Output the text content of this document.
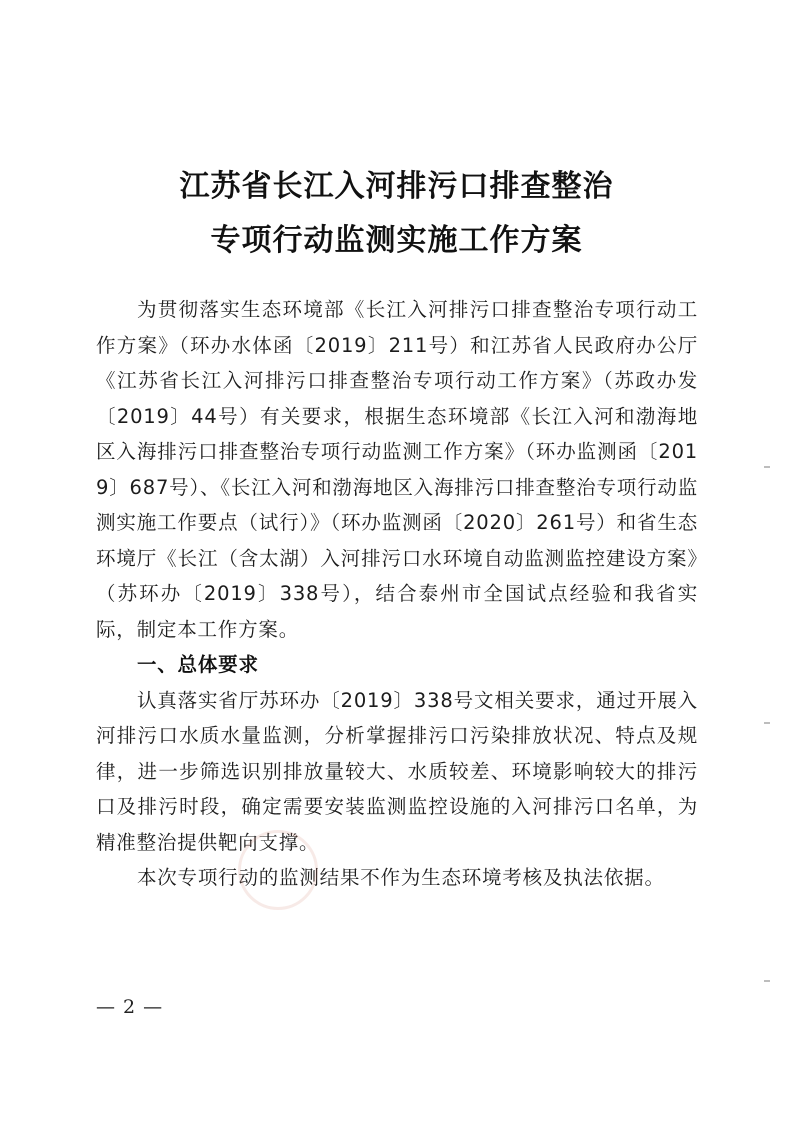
江苏省长江入河排污口排查整治
专项行动监测实施工作方案

为贯彻落实生态环境部《长江入河排污口排查整治专项行动工作方案》（环办水体函〔2019〕211号）和江苏省人民政府办公厅《江苏省长江入河排污口排查整治专项行动工作方案》（苏政办发〔2019〕44号）有关要求，根据生态环境部《长江入河和渤海地区入海排污口排查整治专项行动监测工作方案》（环办监测函〔2019〕687号）、《长江入河和渤海地区入海排污口排查整治专项行动监测实施工作要点（试行）》（环办监测函〔2020〕261号）和省生态环境厅《长江（含太湖）入河排污口水环境自动监测监控建设方案》（苏环办〔2019〕338号），结合泰州市全国试点经验和我省实际，制定本工作方案。

一、总体要求

认真落实省厅苏环办〔2019〕338号文相关要求，通过开展入河排污口水质水量监测，分析掌握排污口污染排放状况、特点及规律，进一步筛选识别排放量较大、水质较差、环境影响较大的排污口及排污时段，确定需要安装监测监控设施的入河排污口名单，为精准整治提供靶向支撑。

本次专项行动的监测结果不作为生态环境考核及执法依据。

— 2 —
